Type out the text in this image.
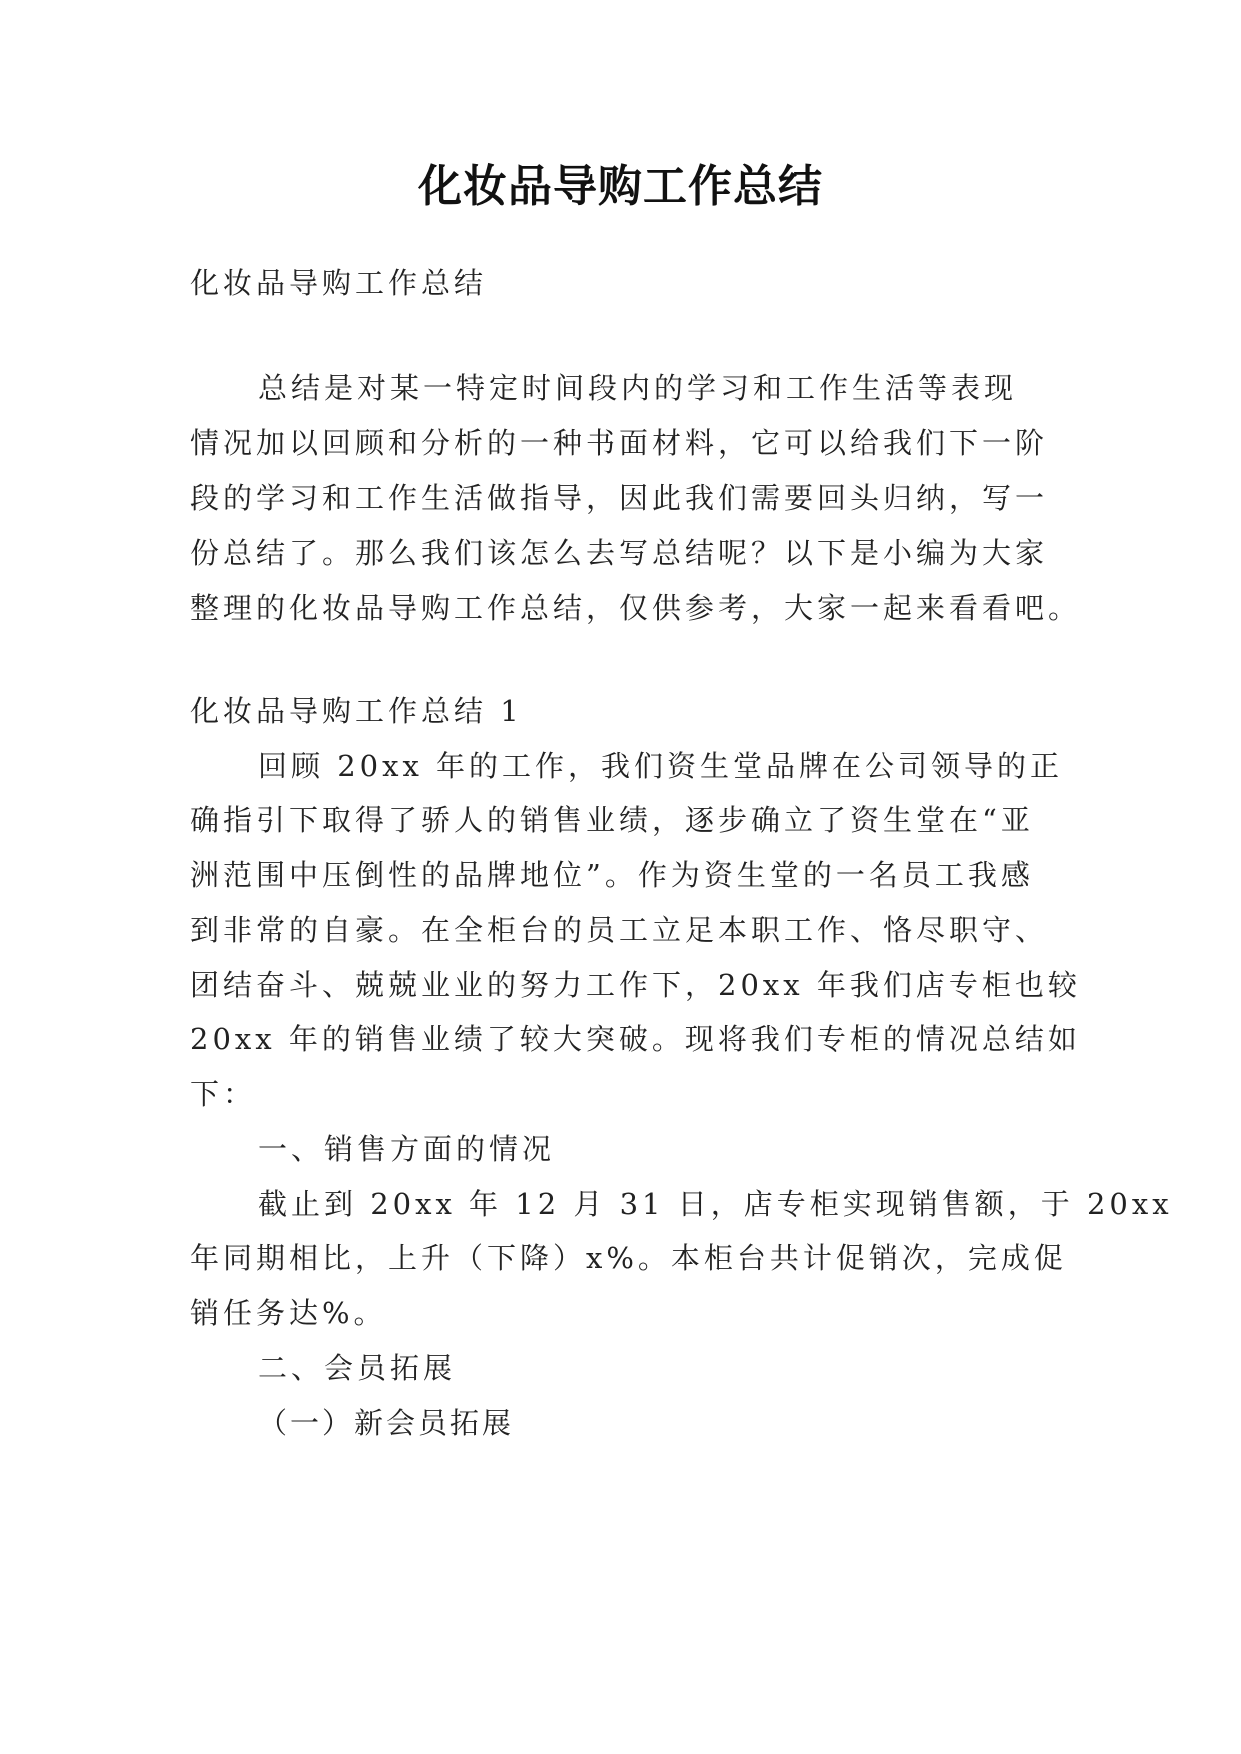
化妆品导购工作总结

化妆品导购工作总结

总结是对某一特定时间段内的学习和工作生活等表现

情况加以回顾和分析的一种书面材料，它可以给我们下一阶

段的学习和工作生活做指导，因此我们需要回头归纳，写一

份总结了。那么我们该怎么去写总结呢？以下是小编为大家

整理的化妆品导购工作总结，仅供参考，大家一起来看看吧。

化妆品导购工作总结 1

回顾 20xx 年的工作，我们资生堂品牌在公司领导的正

确指引下取得了骄人的销售业绩，逐步确立了资生堂在“亚

洲范围中压倒性的品牌地位”。作为资生堂的一名员工我感

到非常的自豪。在全柜台的员工立足本职工作、恪尽职守、

团结奋斗、兢兢业业的努力工作下，20xx 年我们店专柜也较

20xx 年的销售业绩了较大突破。现将我们专柜的情况总结如

下：

一、销售方面的情况

截止到 20xx 年 12 月 31 日，店专柜实现销售额，于 20xx

年同期相比，上升（下降）x%。本柜台共计促销次，完成促

销任务达%。

二、会员拓展

（一）新会员拓展
